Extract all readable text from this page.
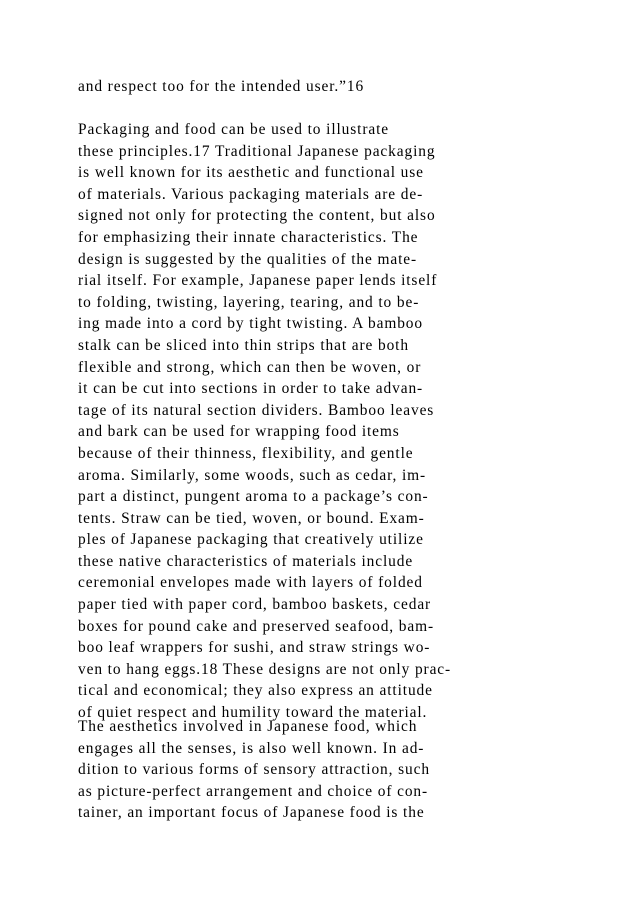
and respect too for the intended user.”16

Packaging and food can be used to illustrate
these principles.17 Traditional Japanese packaging
is well known for its aesthetic and functional use
of materials. Various packaging materials are de-
signed not only for protecting the content, but also
for emphasizing their innate characteristics. The
design is suggested by the qualities of the mate-
rial itself. For example, Japanese paper lends itself
to folding, twisting, layering, tearing, and to be-
ing made into a cord by tight twisting. A bamboo
stalk can be sliced into thin strips that are both
flexible and strong, which can then be woven, or
it can be cut into sections in order to take advan-
tage of its natural section dividers. Bamboo leaves
and bark can be used for wrapping food items
because of their thinness, flexibility, and gentle
aroma. Similarly, some woods, such as cedar, im-
part a distinct, pungent aroma to a package’s con-
tents. Straw can be tied, woven, or bound. Exam-
ples of Japanese packaging that creatively utilize
these native characteristics of materials include
ceremonial envelopes made with layers of folded
paper tied with paper cord, bamboo baskets, cedar
boxes for pound cake and preserved seafood, bam-
boo leaf wrappers for sushi, and straw strings wo-
ven to hang eggs.18 These designs are not only prac-
tical and economical; they also express an attitude
of quiet respect and humility toward the material.

The aesthetics involved in Japanese food, which
engages all the senses, is also well known. In ad-
dition to various forms of sensory attraction, such
as picture-perfect arrangement and choice of con-
tainer, an important focus of Japanese food is the
